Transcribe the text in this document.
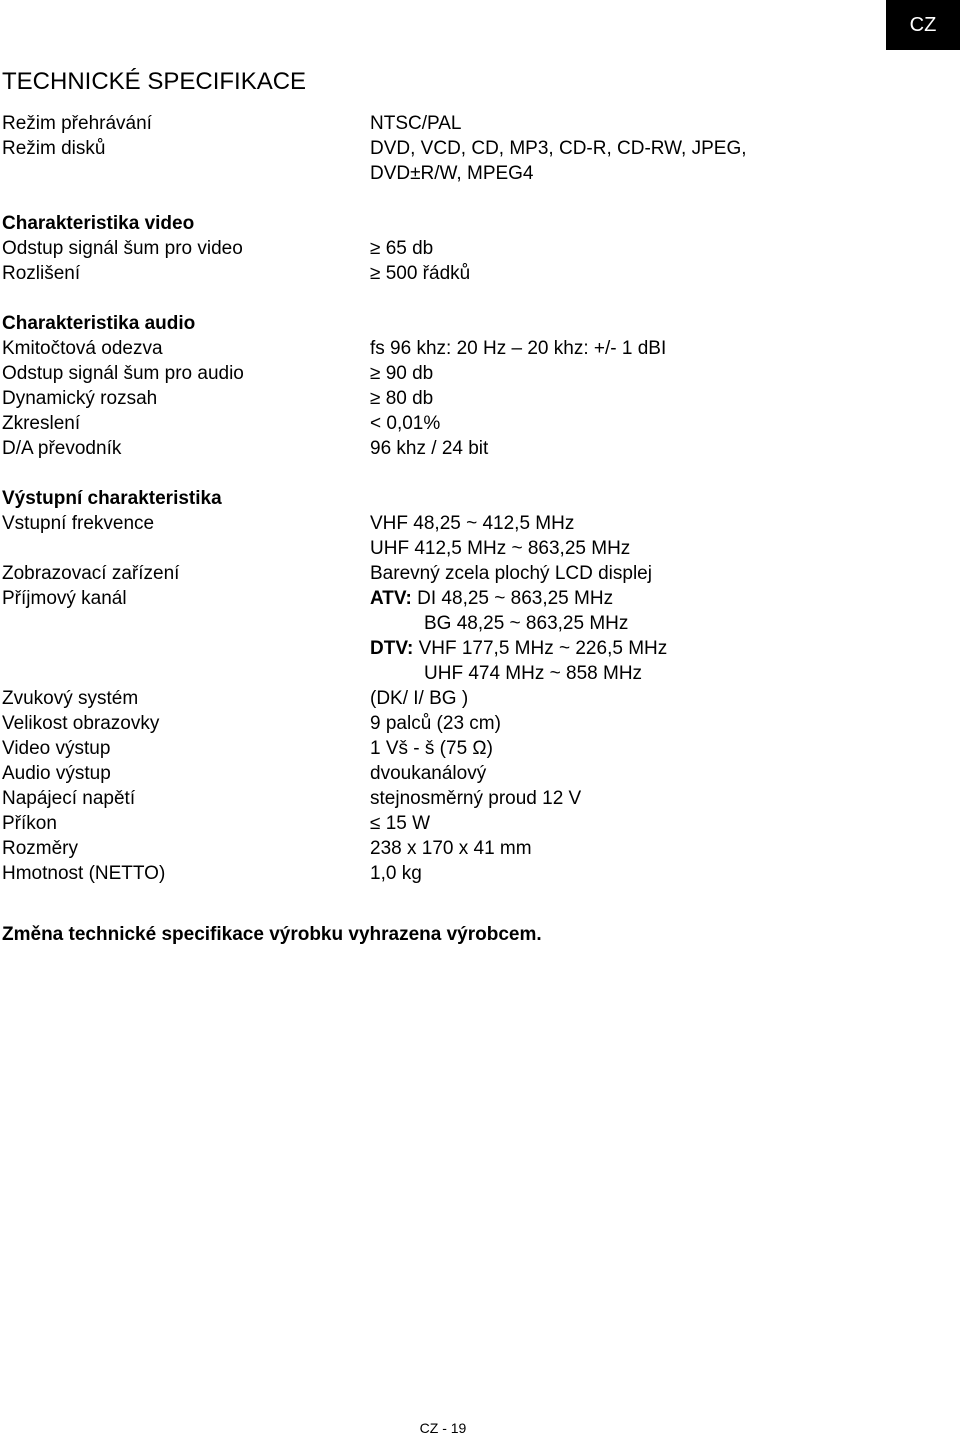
CZ
TECHNICKÉ SPECIFIKACE
Režim přehrávání	NTSC/PAL
Režim disků	DVD, VCD, CD, MP3, CD-R, CD-RW, JPEG,
DVD±R/W, MPEG4
Charakteristika video
Odstup signál šum pro video	≥ 65 db
Rozlišení	≥ 500 řádků
Charakteristika audio
Kmitočtová odezva	fs 96 khz: 20 Hz – 20 khz: +/- 1 dBI
Odstup signál šum pro audio	≥ 90 db
Dynamický rozsah	≥ 80 db
Zkreslení	< 0,01%
D/A převodník	96 khz / 24 bit
Výstupní charakteristika
Vstupní frekvence	VHF 48,25 ~ 412,5 MHz
UHF 412,5 MHz ~ 863,25 MHz
Zobrazovací zařízení	Barevný zcela plochý LCD displej
Příjmový kanál	ATV: DI 48,25 ~ 863,25 MHz
BG 48,25 ~ 863,25 MHz
DTV: VHF 177,5 MHz ~ 226,5 MHz
UHF 474 MHz ~ 858 MHz
Zvukový systém	(DK/ I/ BG )
Velikost obrazovky	9 palců (23 cm)
Video výstup	1 Vš - š (75 Ω)
Audio výstup	dvoukanálový
Napájecí napětí	stejnosměrný proud 12 V
Příkon	≤ 15 W
Rozměry	238 x 170 x 41 mm
Hmotnost (NETTO)	1,0 kg
Změna technické specifikace výrobku vyhrazena výrobcem.
CZ - 19
